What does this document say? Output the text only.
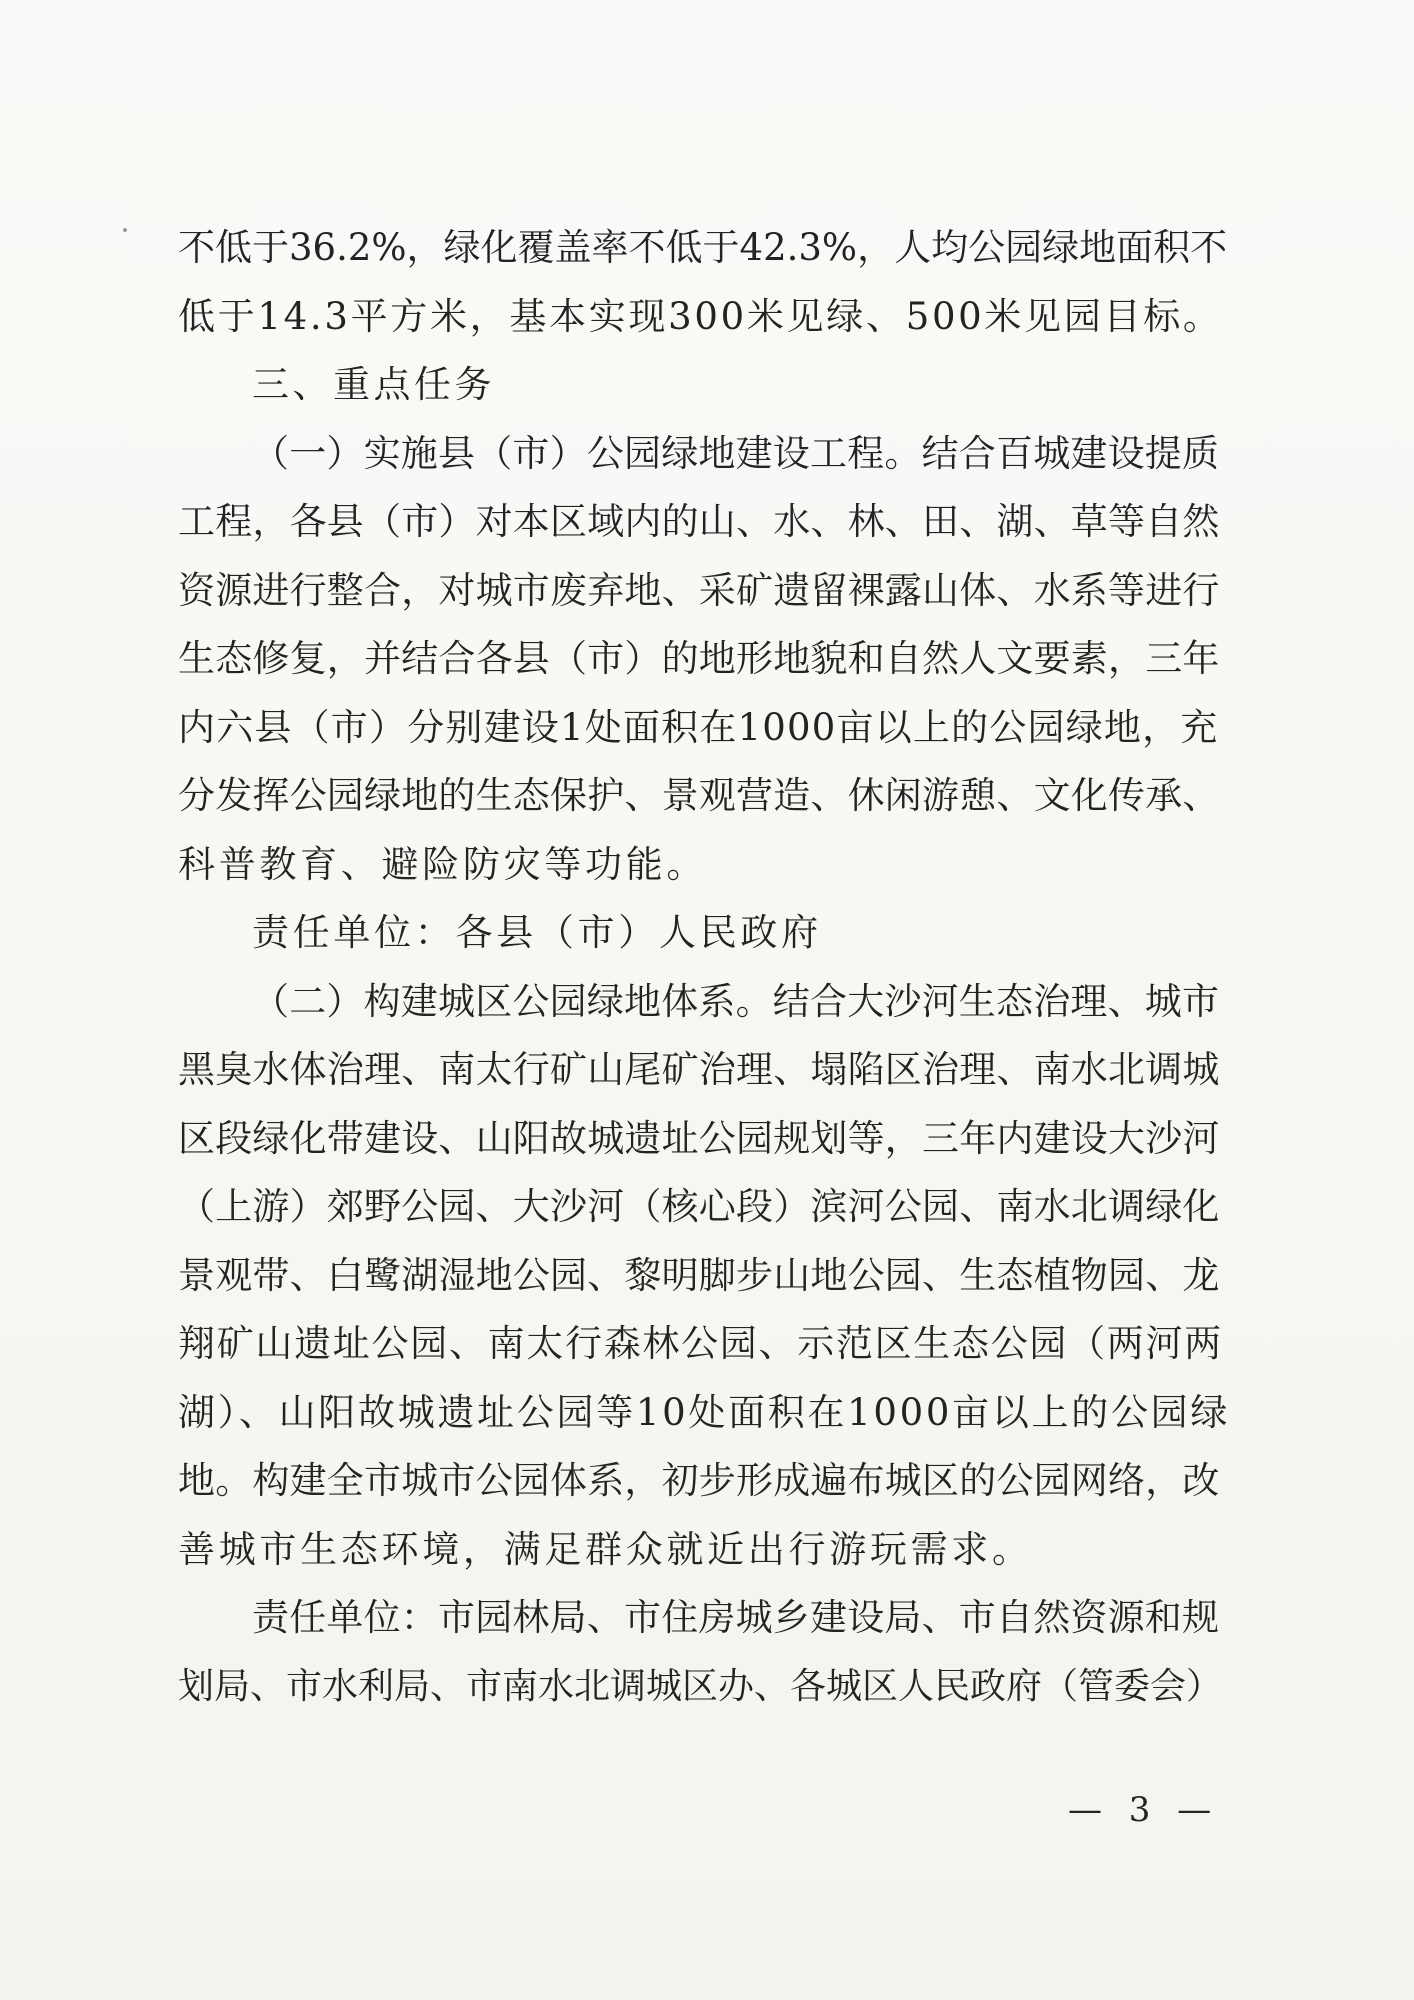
不低于36.2%，绿化覆盖率不低于42.3%，人均公园绿地面积不
低于14.3平方米，基本实现300米见绿、500米见园目标。
三、重点任务
（一）实施县（市）公园绿地建设工程。结合百城建设提质
工程，各县（市）对本区域内的山、水、林、田、湖、草等自然
资源进行整合，对城市废弃地、采矿遗留裸露山体、水系等进行
生态修复，并结合各县（市）的地形地貌和自然人文要素，三年
内六县（市）分别建设1处面积在1000亩以上的公园绿地，充
分发挥公园绿地的生态保护、景观营造、休闲游憩、文化传承、
科普教育、避险防灾等功能。
责任单位：各县（市）人民政府
（二）构建城区公园绿地体系。结合大沙河生态治理、城市
黑臭水体治理、南太行矿山尾矿治理、塌陷区治理、南水北调城
区段绿化带建设、山阳故城遗址公园规划等，三年内建设大沙河
（上游）郊野公园、大沙河（核心段）滨河公园、南水北调绿化
景观带、白鹭湖湿地公园、黎明脚步山地公园、生态植物园、龙
翔矿山遗址公园、南太行森林公园、示范区生态公园（两河两
湖）、山阳故城遗址公园等10处面积在1000亩以上的公园绿
地。构建全市城市公园体系，初步形成遍布城区的公园网络，改
善城市生态环境，满足群众就近出行游玩需求。
责任单位：市园林局、市住房城乡建设局、市自然资源和规
划局、市水利局、市南水北调城区办、各城区人民政府（管委会）
— 3 —
